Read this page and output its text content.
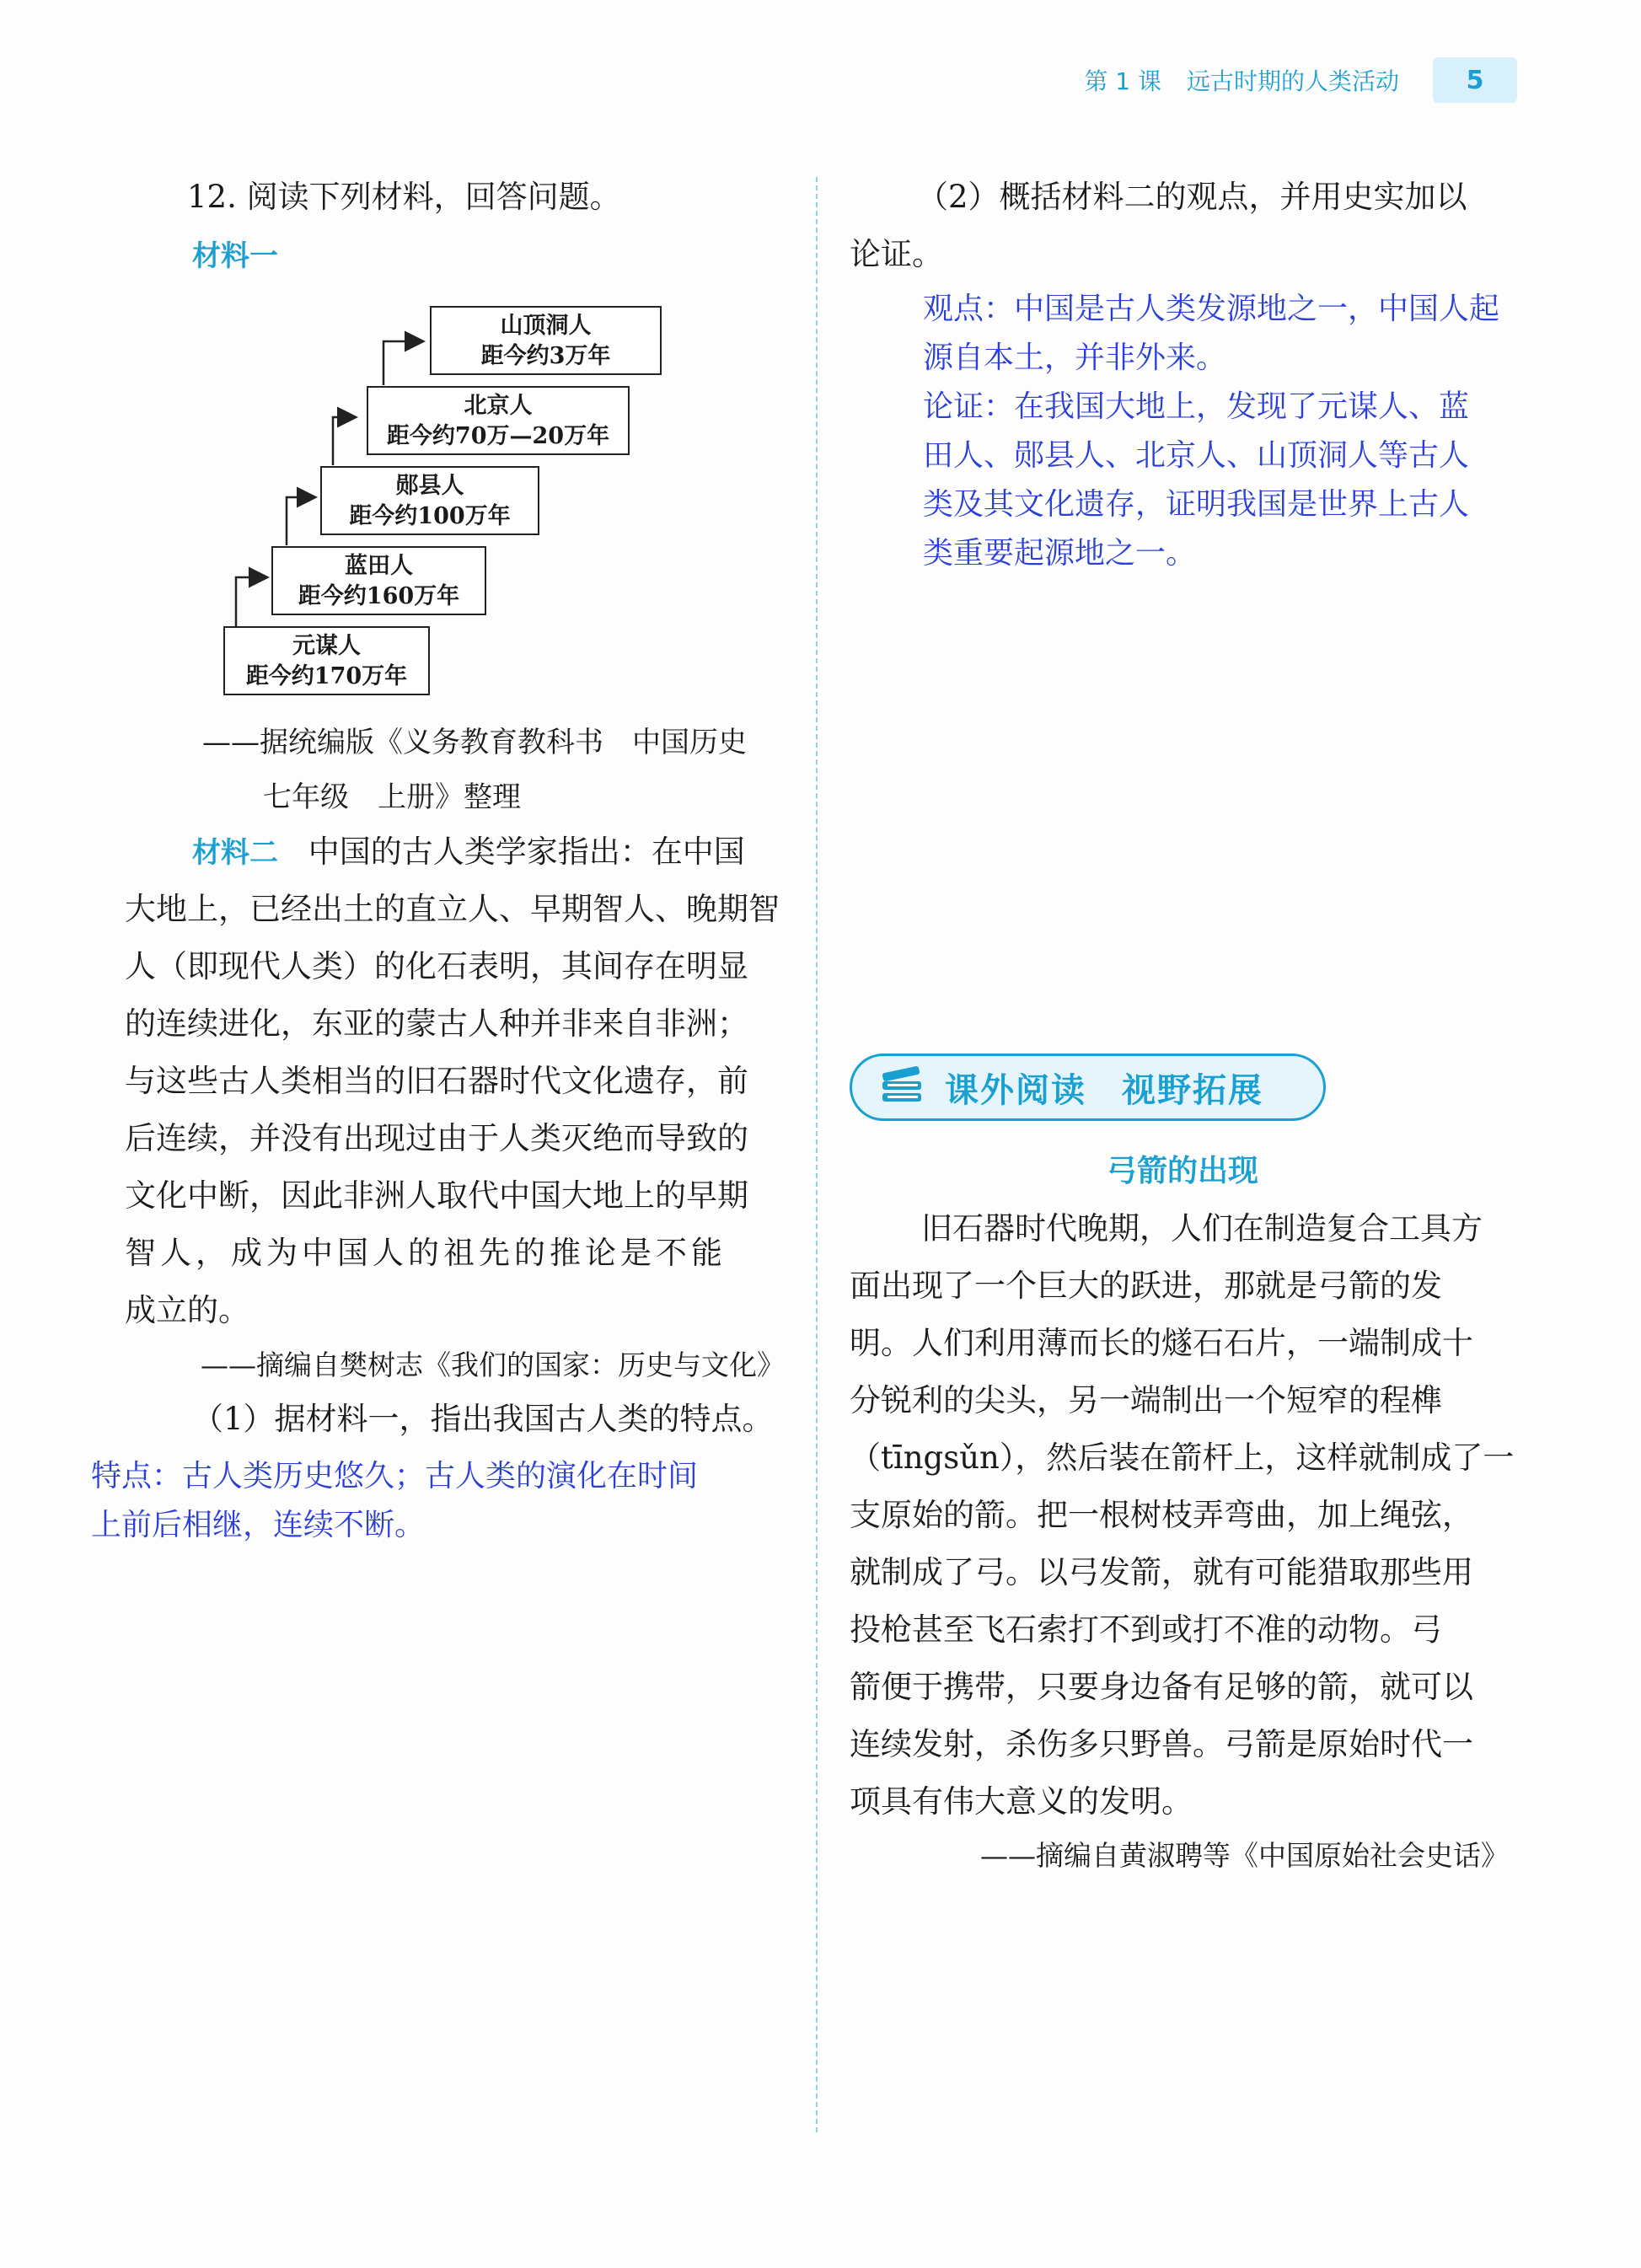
第 1 课 远古时期的人类活动	5
12. 阅读下列材料，回答问题。
材料一
元谋人
距今约170万年
蓝田人
距今约160万年
郧县人
距今约100万年
北京人
距今约70万—20万年
山顶洞人
距今约3万年
——据统编版《义务教育教科书　中国历史
七年级　上册》整理
材料二 中国的古人类学家指出：在中国
大地上，已经出土的直立人、早期智人、晚期智
人（即现代人类）的化石表明，其间存在明显
的连续进化，东亚的蒙古人种并非来自非洲；
与这些古人类相当的旧石器时代文化遗存，前
后连续，并没有出现过由于人类灭绝而导致的
文化中断，因此非洲人取代中国大地上的早期
智人，成为中国人的祖先的推论是不能
成立的。
——摘编自樊树志《我们的国家：历史与文化》
（1）据材料一，指出我国古人类的特点。
特点：古人类历史悠久；古人类的演化在时间
上前后相继，连续不断。
（2）概括材料二的观点，并用史实加以
论证。
观点：中国是古人类发源地之一，中国人起
源自本土，并非外来。
论证：在我国大地上，发现了元谋人、蓝
田人、郧县人、北京人、山顶洞人等古人
类及其文化遗存，证明我国是世界上古人
类重要起源地之一。
课外阅读　视野拓展
弓箭的出现
旧石器时代晚期，人们在制造复合工具方
面出现了一个巨大的跃进，那就是弓箭的发
明。人们利用薄而长的燧石石片，一端制成十
分锐利的尖头，另一端制出一个短窄的程榫
（tīngsǔn），然后装在箭杆上，这样就制成了一
支原始的箭。把一根树枝弄弯曲，加上绳弦，
就制成了弓。以弓发箭，就有可能猎取那些用
投枪甚至飞石索打不到或打不准的动物。弓
箭便于携带，只要身边备有足够的箭，就可以
连续发射，杀伤多只野兽。弓箭是原始时代一
项具有伟大意义的发明。
——摘编自黄淑聘等《中国原始社会史话》
